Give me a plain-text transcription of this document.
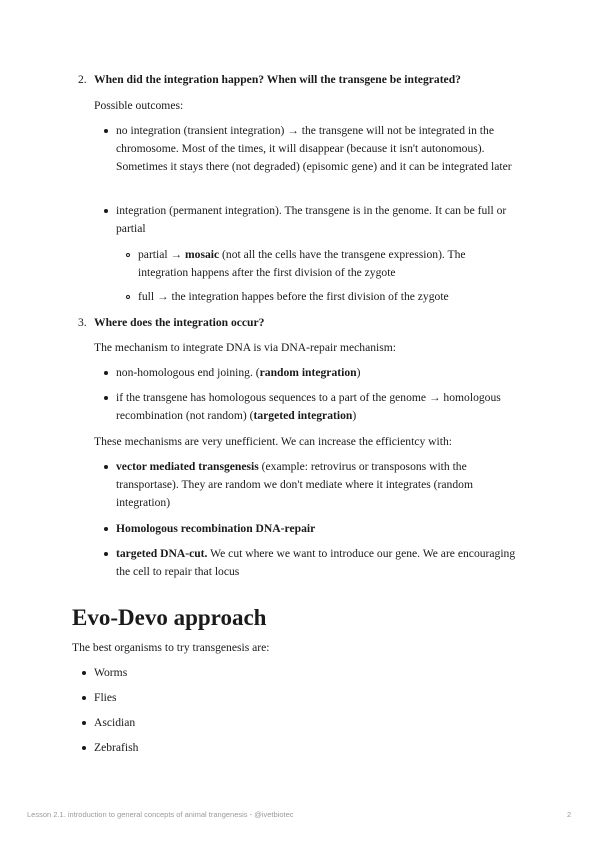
2. When did the integration happen? When will the transgene be integrated?

Possible outcomes:

no integration (transient integration) → the transgene will not be integrated in the chromosome. Most of the times, it will disappear (because it isn't autonomous). Sometimes it stays there (not degraded) (episomic gene) and it can be integrated later

integration (permanent integration). The transgene is in the genome. It can be full or partial

partial → mosaic (not all the cells have the transgene expression). The integration happens after the first division of the zygote

full → the integration happes before the first division of the zygote

3. Where does the integration occur?

The mechanism to integrate DNA is via DNA-repair mechanism:

non-homologous end joining. (random integration)

if the transgene has homologous sequences to a part of the genome → homologous recombination (not random) (targeted integration)

These mechanisms are very unefficient. We can increase the efficientcy with:

vector mediated transgenesis (example: retrovirus or transposons with the transportase). They are random we don't mediate where it integrates (random integration)

Homologous recombination DNA-repair

targeted DNA-cut. We cut where we want to introduce our gene. We are encouraging the cell to repair that locus

Evo-Devo approach

The best organisms to try transgenesis are:

Worms

Flies

Ascidian

Zebrafish

Lesson 2.1. introduction to general concepts of animal trangenesis - @ivetbiotec	2
